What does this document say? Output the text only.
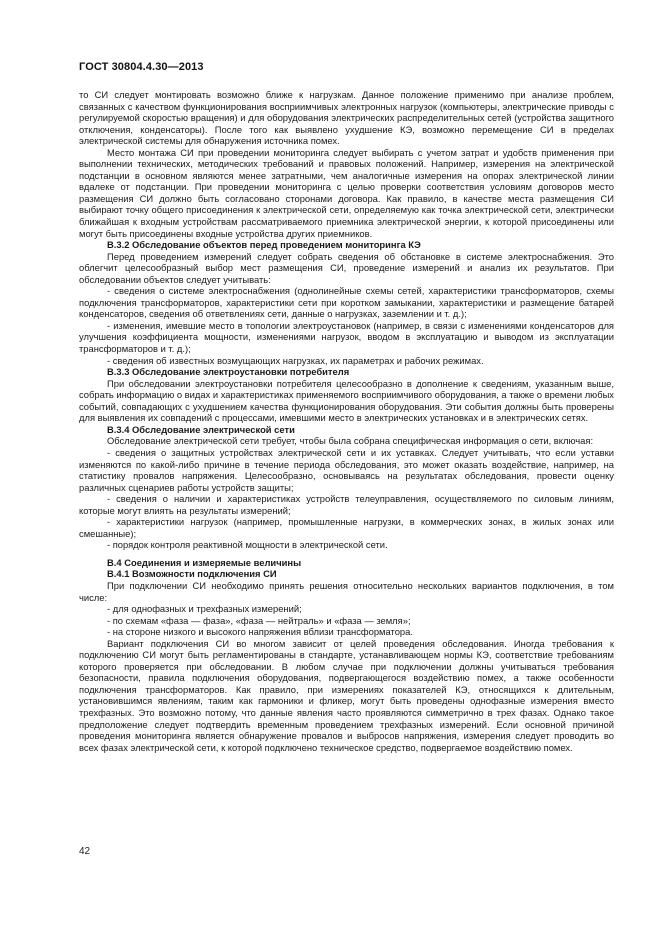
ГОСТ 30804.4.30—2013

то СИ следует монтировать возможно ближе к нагрузкам. Данное положение применимо при анализе проблем, связанных с качеством функционирования восприимчивых электронных нагрузок (компьютеры, электрические приводы с регулируемой скоростью вращения) и для оборудования электрических распределительных сетей (устройства защитного отключения, конденсаторы). После того как выявлено ухудшение КЭ, возможно перемещение СИ в пределах электрической системы для обнаружения источника помех.

Место монтажа СИ при проведении мониторинга следует выбирать с учетом затрат и удобств применения при выполнении технических, методических требований и правовых положений. Например, измерения на электрической подстанции в основном являются менее затратными, чем аналогичные измерения на опорах электрической линии вдалеке от подстанции. При проведении мониторинга с целью проверки соответствия условиям договоров место размещения СИ должно быть согласовано сторонами договора. Как правило, в качестве места размещения СИ выбирают точку общего присоединения к электрической сети, определяемую как точка электрической сети, электрически ближайшая к входным устройствам рассматриваемого приемника электрической энергии, к которой присоединены или могут быть присоединены входные устройства других приемников.

В.3.2 Обследование объектов перед проведением мониторинга КЭ

Перед проведением измерений следует собрать сведения об обстановке в системе электроснабжения. Это облегчит целесообразный выбор мест размещения СИ, проведение измерений и анализ их результатов. При обследовании объектов следует учитывать:

- сведения о системе электроснабжения (однолинейные схемы сетей, характеристики трансформаторов, схемы подключения трансформаторов, характеристики сети при коротком замыкании, характеристики и размещение батарей конденсаторов, сведения об ответвлениях сети, данные о нагрузках, заземлении и т. д.);

- изменения, имевшие место в топологии электроустановок (например, в связи с изменениями конденсаторов для улучшения коэффициента мощности, изменениями нагрузок, вводом в эксплуатацию и выводом из эксплуатации трансформаторов и т. д.);

- сведения об известных возмущающих нагрузках, их параметрах и рабочих режимах.

В.3.3 Обследование электроустановки потребителя

При обследовании электроустановки потребителя целесообразно в дополнение к сведениям, указанным выше, собрать информацию о видах и характеристиках применяемого восприимчивого оборудования, а также о времени любых событий, совпадающих с ухудшением качества функционирования оборудования. Эти события должны быть проверены для выявления их совпадений с процессами, имевшими место в электрических установках и в электрических сетях.

В.3.4 Обследование электрической сети

Обследование электрической сети требует, чтобы была собрана специфическая информация о сети, включая:

- сведения о защитных устройствах электрической сети и их уставках. Следует учитывать, что если уставки изменяются по какой-либо причине в течение периода обследования, это может оказать воздействие, например, на статистику провалов напряжения. Целесообразно, основываясь на результатах обследования, провести оценку различных сценариев работы устройств защиты;

- сведения о наличии и характеристиках устройств телеуправления, осуществляемого по силовым линиям, которые могут влиять на результаты измерений;

- характеристики нагрузок (например, промышленные нагрузки, в коммерческих зонах, в жилых зонах или смешанные);

- порядок контроля реактивной мощности в электрической сети.

В.4 Соединения и измеряемые величины

В.4.1 Возможности подключения СИ

При подключении СИ необходимо принять решения относительно нескольких вариантов подключения, в том числе:

- для однофазных и трехфазных измерений;

- по схемам «фаза — фаза», «фаза — нейтраль» и «фаза — земля»;

- на стороне низкого и высокого напряжения вблизи трансформатора.

Вариант подключения СИ во многом зависит от целей проведения обследования. Иногда требования к подключению СИ могут быть регламентированы в стандарте, устанавливающем нормы КЭ, соответствие требованиям которого проверяется при обследовании. В любом случае при подключении должны учитываться требования безопасности, правила подключения оборудования, подвергающегося воздействию помех, а также особенности подключения трансформаторов. Как правило, при измерениях показателей КЭ, относящихся к длительным, установившимся явлениям, таким как гармоники и фликер, могут быть проведены однофазные измерения вместо трехфазных. Это возможно потому, что данные явления часто проявляются симметрично в трех фазах. Однако такое предположение следует подтвердить временным проведением трехфазных измерений. Если основной причиной проведения мониторинга является обнаружение провалов и выбросов напряжения, измерения следует проводить во всех фазах электрической сети, к которой подключено техническое средство, подвергаемое воздействию помех.

42
